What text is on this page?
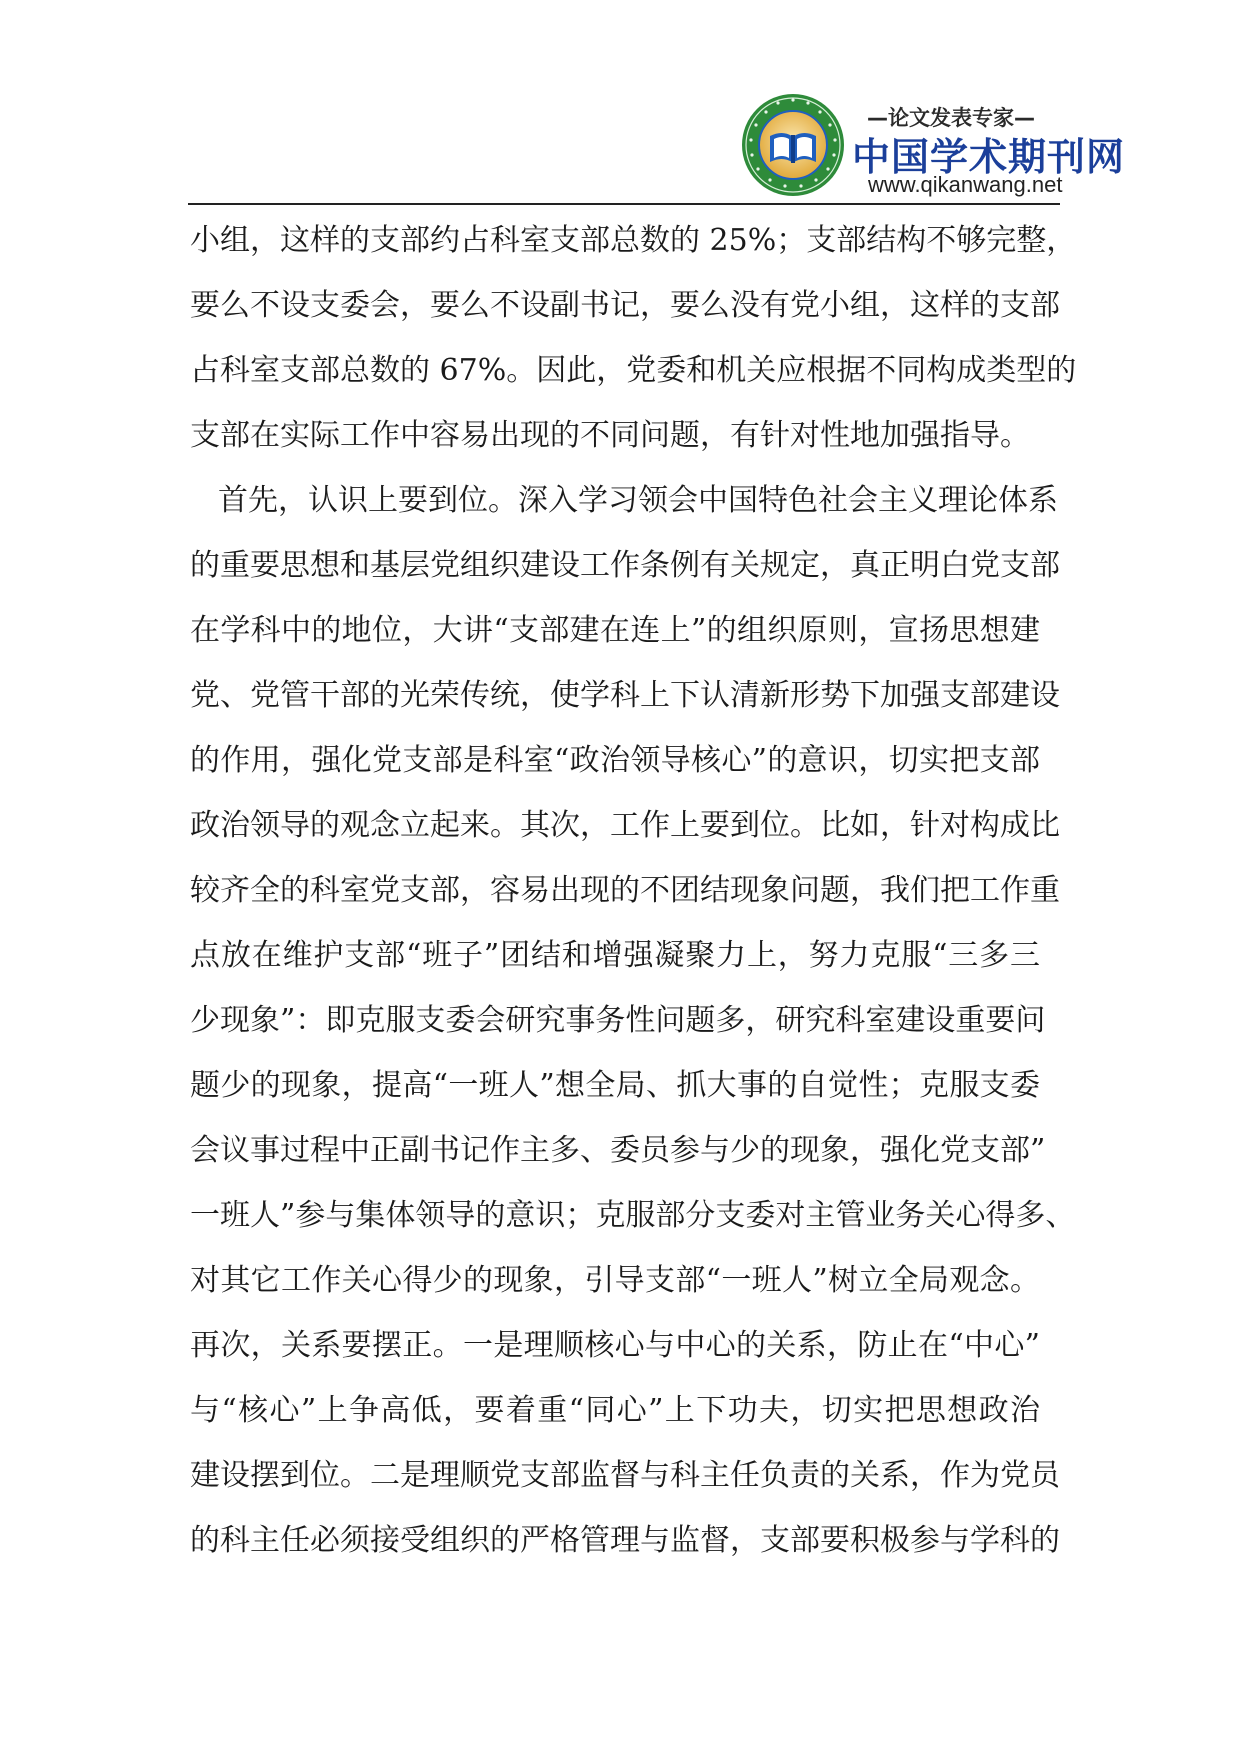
—论文发表专家—
中国学术期刊网
www.qikanwang.net
小组，这样的支部约占科室支部总数的 25%；支部结构不够完整，
要么不设支委会，要么不设副书记，要么没有党小组，这样的支部
占科室支部总数的 67%。因此，党委和机关应根据不同构成类型的
支部在实际工作中容易出现的不同问题，有针对性地加强指导。
首先，认识上要到位。深入学习领会中国特色社会主义理论体系
的重要思想和基层党组织建设工作条例有关规定，真正明白党支部
在学科中的地位，大讲“支部建在连上”的组织原则，宣扬思想建
党、党管干部的光荣传统，使学科上下认清新形势下加强支部建设
的作用，强化党支部是科室“政治领导核心”的意识，切实把支部
政治领导的观念立起来。其次，工作上要到位。比如，针对构成比
较齐全的科室党支部，容易出现的不团结现象问题，我们把工作重
点放在维护支部“班子”团结和增强凝聚力上，努力克服“三多三
少现象”：即克服支委会研究事务性问题多，研究科室建设重要问
题少的现象，提高“一班人”想全局、抓大事的自觉性；克服支委
会议事过程中正副书记作主多、委员参与少的现象，强化党支部”
一班人”参与集体领导的意识；克服部分支委对主管业务关心得多、
对其它工作关心得少的现象，引导支部“一班人”树立全局观念。
再次，关系要摆正。一是理顺核心与中心的关系，防止在“中心”
与“核心”上争高低，要着重“同心”上下功夫，切实把思想政治
建设摆到位。二是理顺党支部监督与科主任负责的关系，作为党员
的科主任必须接受组织的严格管理与监督，支部要积极参与学科的
